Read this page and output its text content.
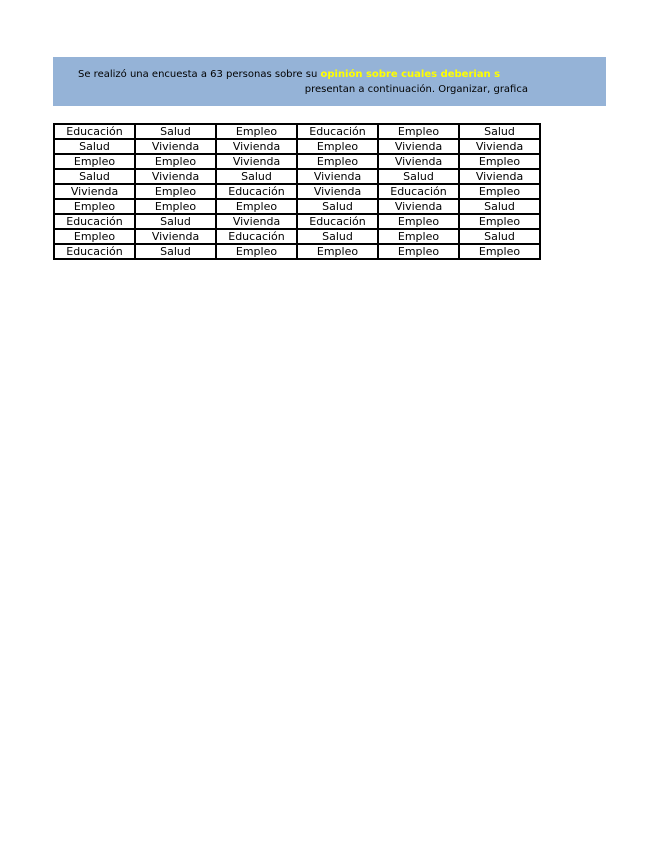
Se realizó una encuesta a 63 personas sobre su opinión sobre cuales deberian s
presentan a continuación. Organizar, grafica
Educación	Salud	Empleo	Educación	Empleo	Salud
Salud	Vivienda	Vivienda	Empleo	Vivienda	Vivienda
Empleo	Empleo	Vivienda	Empleo	Vivienda	Empleo
Salud	Vivienda	Salud	Vivienda	Salud	Vivienda
Vivienda	Empleo	Educación	Vivienda	Educación	Empleo
Empleo	Empleo	Empleo	Salud	Vivienda	Salud
Educación	Salud	Vivienda	Educación	Empleo	Empleo
Empleo	Vivienda	Educación	Salud	Empleo	Salud
Educación	Salud	Empleo	Empleo	Empleo	Empleo
